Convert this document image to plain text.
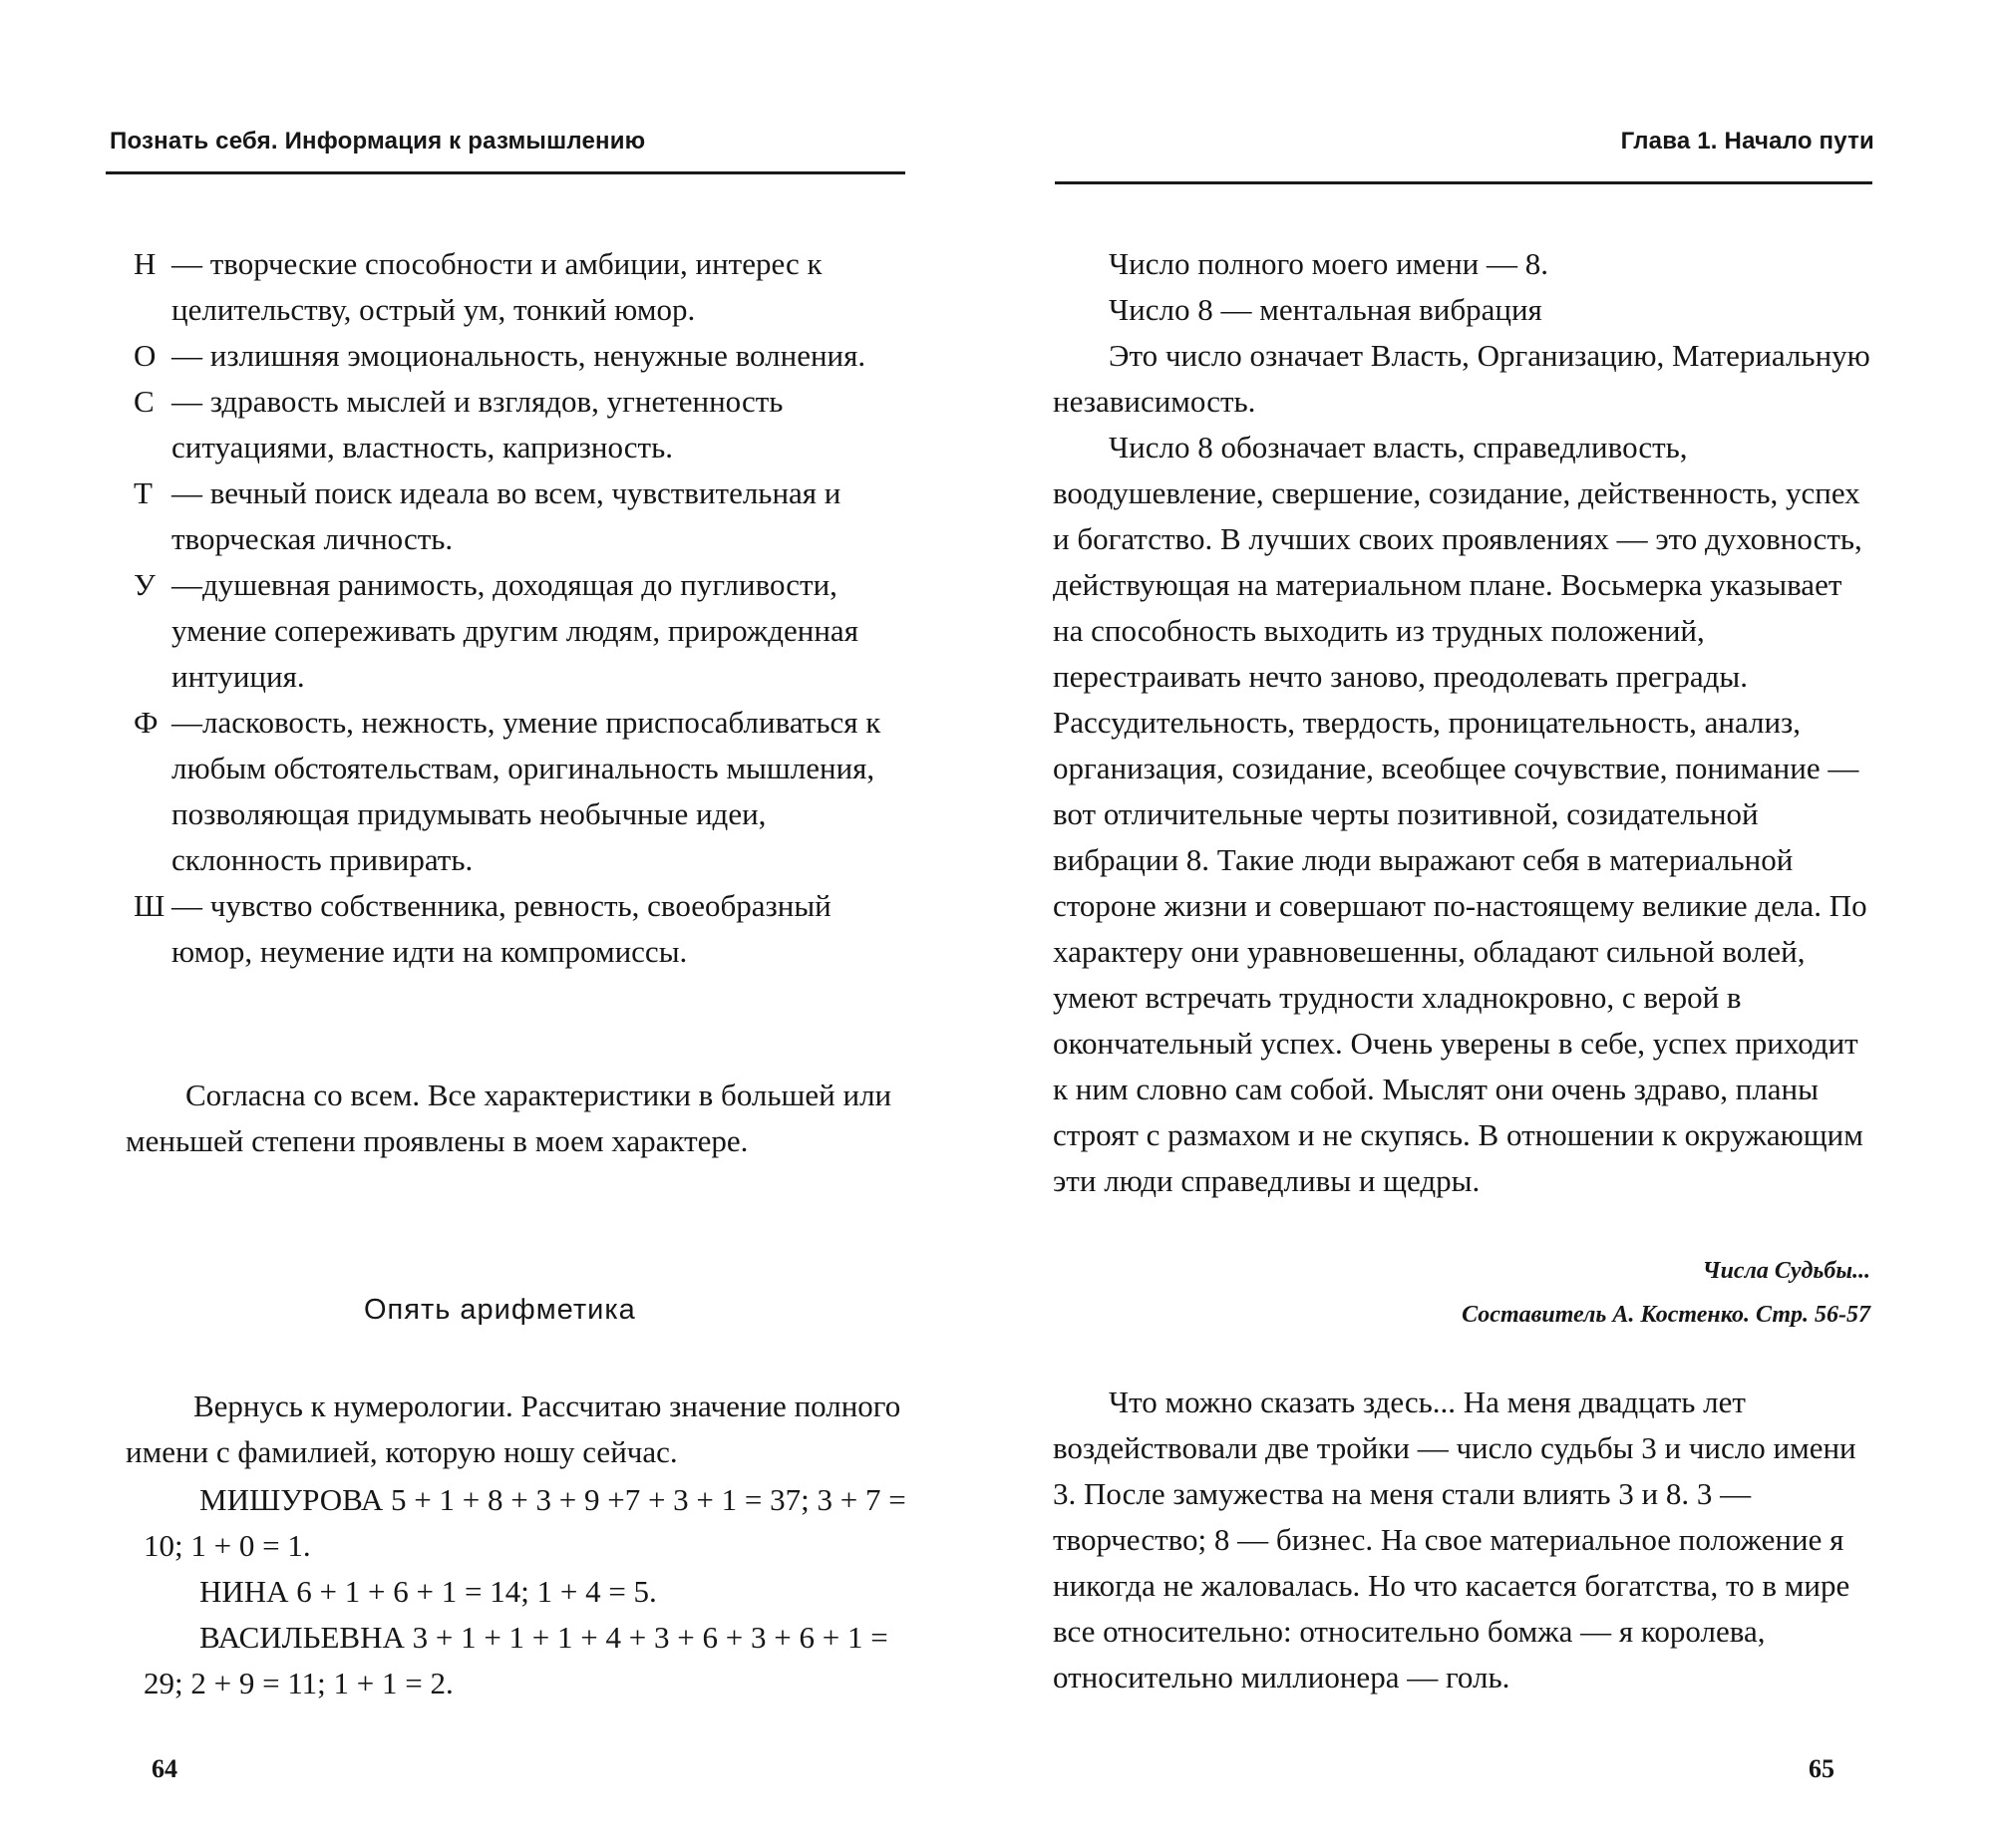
Познать себя. Информация к размышлению

Н — творческие способности и амбиции, интерес к целительству, острый ум, тонкий юмор.

О — излишняя эмоциональность, ненужные волнения.

С — здравость мыслей и взглядов, угнетенность ситуациями, властность, капризность.

Т — вечный поиск идеала во всем, чувствительная и творческая личность.

У —душевная ранимость, доходящая до пугливости, умение сопереживать другим людям, прирожденная интуиция.

Ф —ласковость, нежность, умение приспосабливаться к любым обстоятельствам, оригинальность мышления, позволяющая придумывать необычные идеи, склонность привирать.

Ш — чувство собственника, ревность, своеобразный юмор, неумение идти на компромиссы.

Согласна со всем. Все характеристики в большей или меньшей степени проявлены в моем характере.

Опять арифметика

Вернусь к нумерологии. Рассчитаю значение полного имени с фамилией, которую ношу сейчас.

МИШУРОВА 5 + 1 + 8 + 3 + 9 +7 + 3 + 1 = 37; 3 + 7 = 10; 1 + 0 = 1.

НИНА 6 + 1 + 6 + 1 = 14; 1 + 4 = 5.

ВАСИЛЬЕВНА 3 + 1 + 1 + 1 + 4 + 3 + 6 + 3 + 6 + 1 = 29; 2 + 9 = 11; 1 + 1 = 2.

64
Глава 1. Начало пути

Число полного моего имени — 8.

Число 8 — ментальная вибрация

Это число означает Власть, Организацию, Материальную независимость.

Число 8 обозначает власть, справедливость, воодушевление, свершение, созидание, действенность, успех и богатство. В лучших своих проявлениях — это духовность, действующая на материальном плане. Восьмерка указывает на способность выходить из трудных положений, перестраивать нечто заново, преодолевать преграды. Рассудительность, твердость, проницательность, анализ, организация, созидание, всеобщее сочувствие, понимание — вот отличительные черты позитивной, созидательной вибрации 8. Такие люди выражают себя в материальной стороне жизни и совершают по-настоящему великие дела. По характеру они уравновешенны, обладают сильной волей, умеют встречать трудности хладнокровно, с верой в окончательный успех. Очень уверены в себе, успех приходит к ним словно сам собой. Мыслят они очень здраво, планы строят с размахом и не скупясь. В отношении к окружающим эти люди справедливы и щедры.

Числа Судьбы...
Составитель А. Костенко. Стр. 56-57

Что можно сказать здесь... На меня двадцать лет воздействовали две тройки — число судьбы 3 и число имени 3. После замужества на меня стали влиять 3 и 8. 3 — творчество; 8 — бизнес. На свое материальное положение я никогда не жаловалась. Но что касается богатства, то в мире все относительно: относительно бомжа — я королева, относительно миллионера — голь.

65
